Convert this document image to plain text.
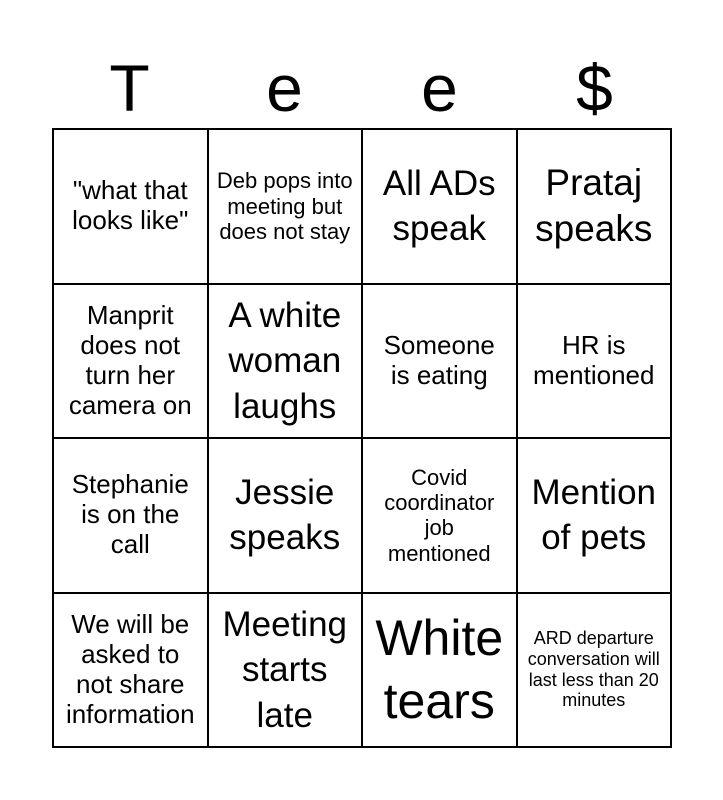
T	e	e	$
"what that looks like"
Deb pops into meeting but does not stay
All ADs speak
Prataj speaks
Manprit does not turn her camera on
A white woman laughs
Someone is eating
HR is mentioned
Stephanie is on the call
Jessie speaks
Covid coordinator job mentioned
Mention of pets
We will be asked to not share information
Meeting starts late
White tears
ARD departure conversation will last less than 20 minutes
